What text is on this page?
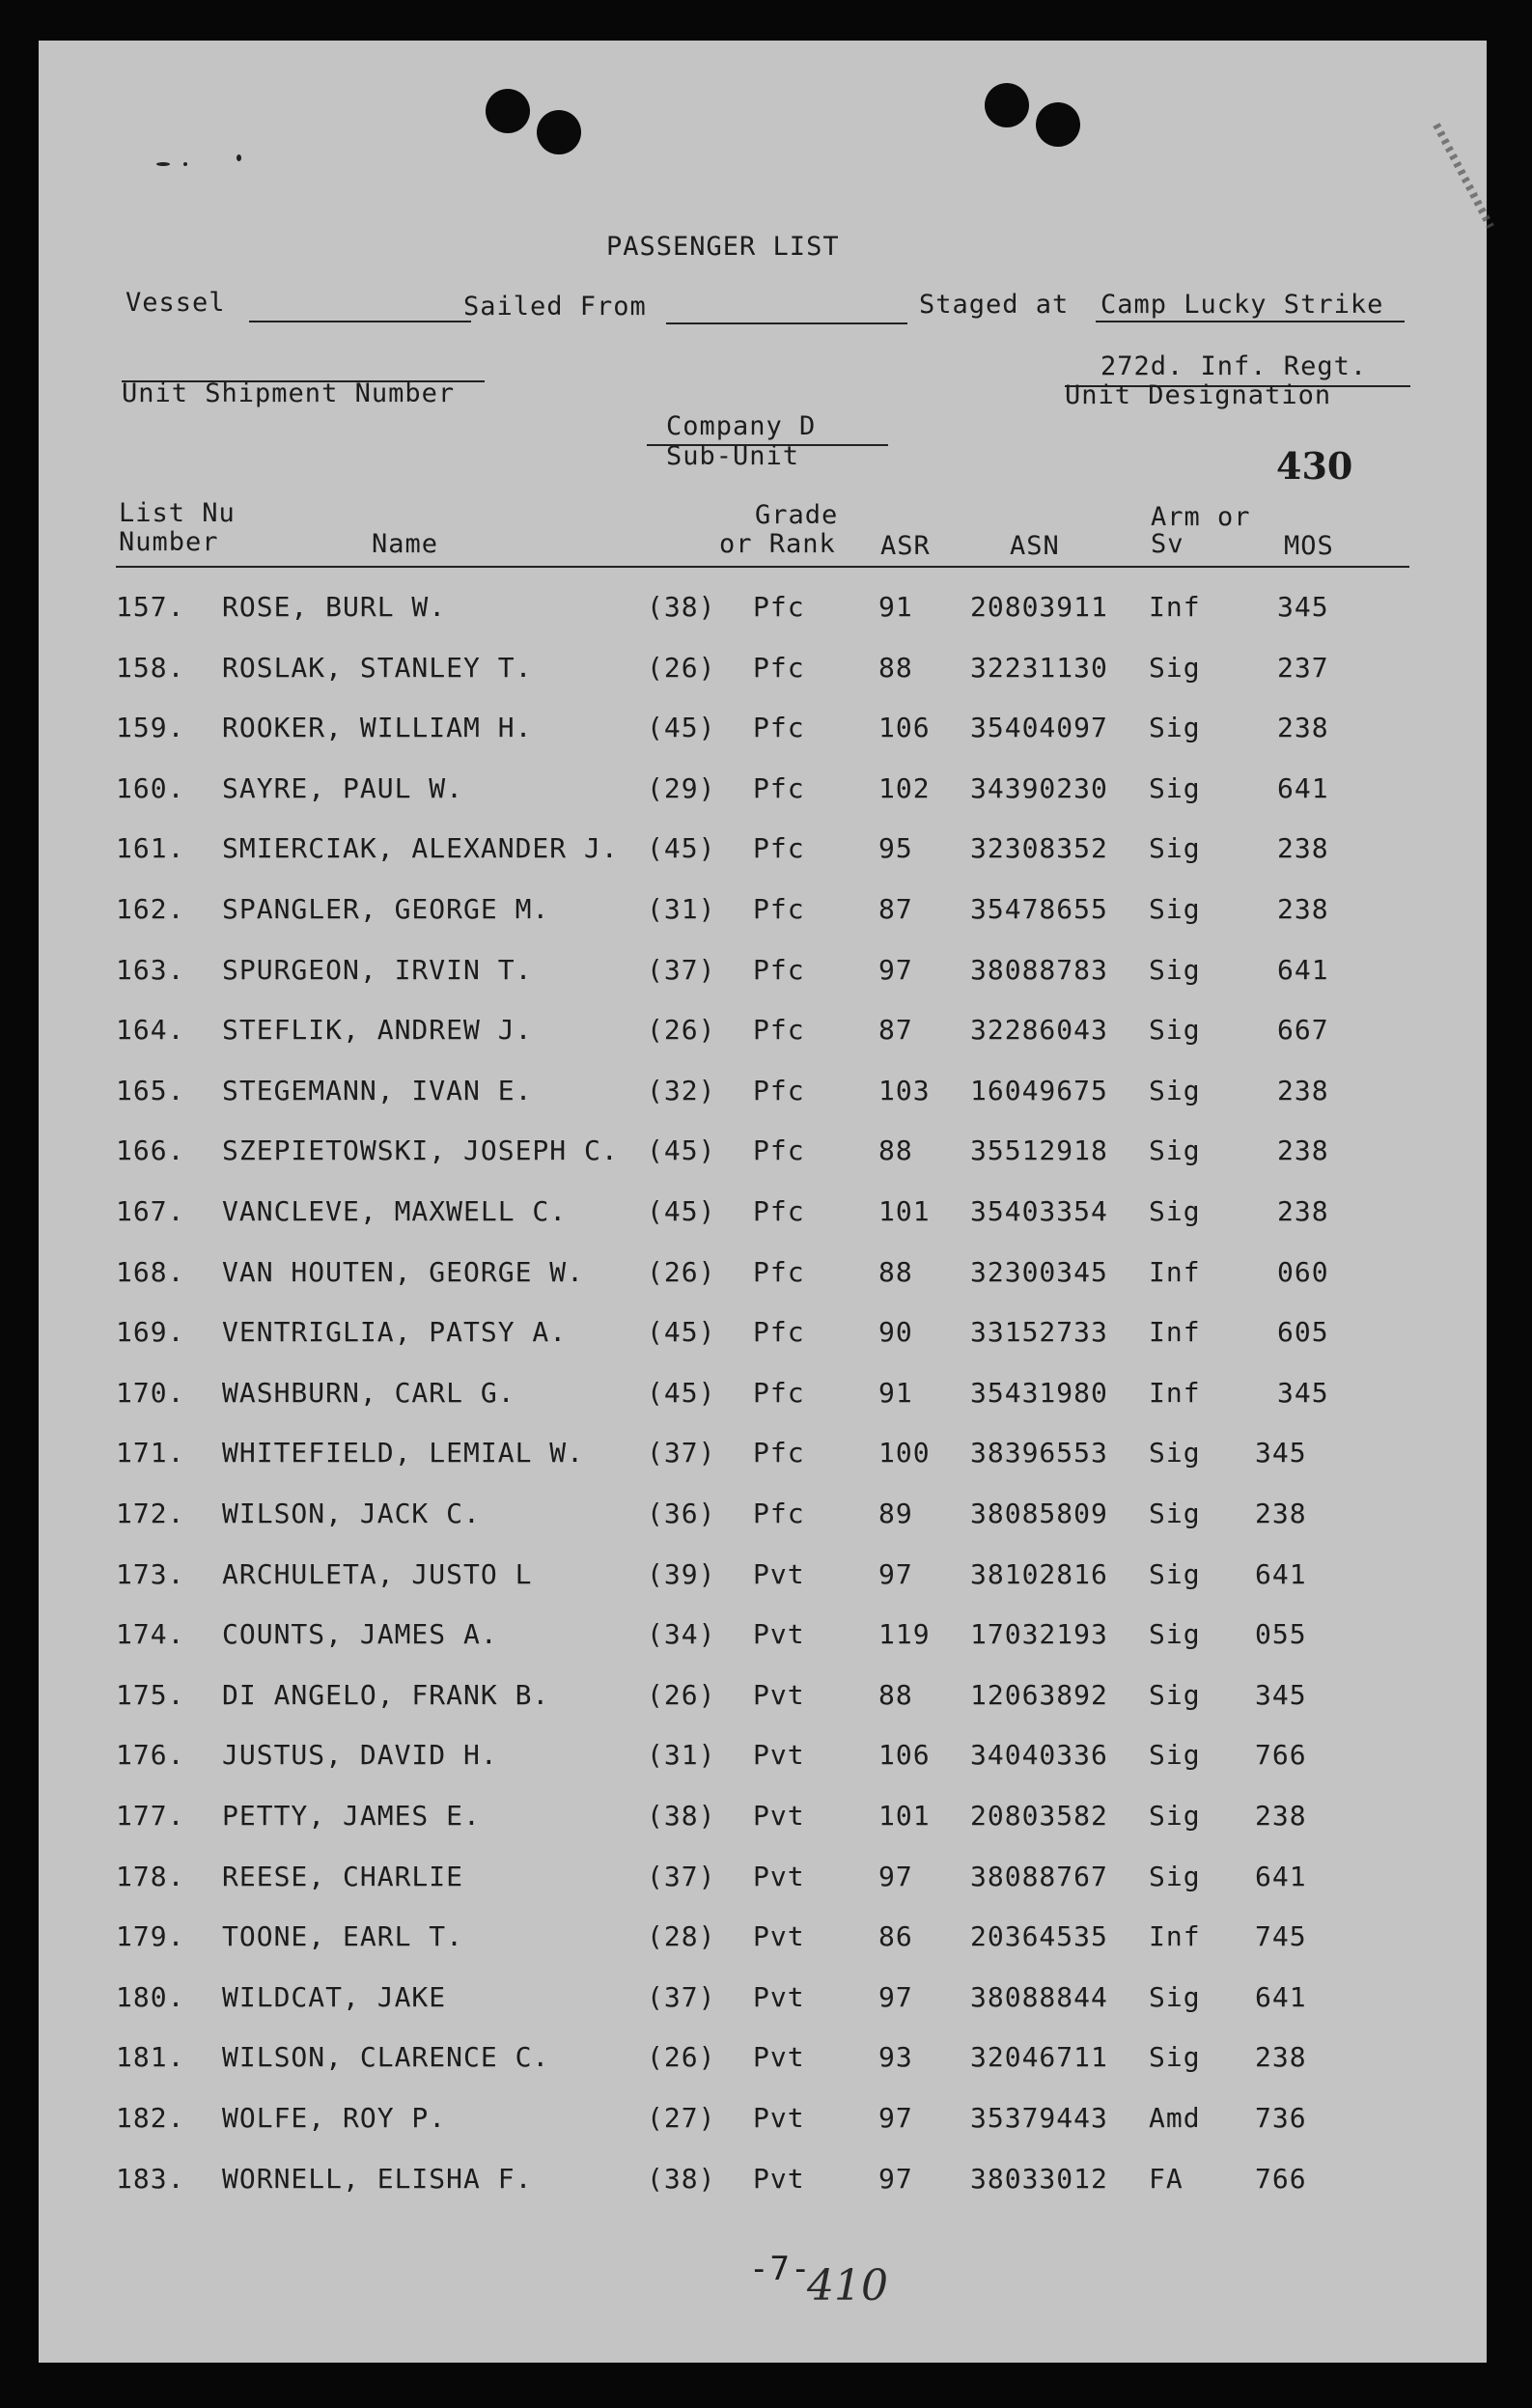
PASSENGER LIST
Vessel	Sailed From	Staged at Camp Lucky Strike
Unit Shipment Number
272d. Inf. Regt.
Unit Designation
Company D
Sub-Unit	430
List Nu
Number	Name
Grade
or Rank ASR	ASN
Arm or
Sv	MOS
157. ROSE, BURL W.	(38) Pfc	91 20803911 Inf	345
158. ROSLAK, STANLEY T.	(26) Pfc	88 32231130 Sig	237
159. ROOKER, WILLIAM H.	(45) Pfc	106 35404097 Sig	238
160. SAYRE, PAUL W.	(29) Pfc	102 34390230 Sig	641
161. SMIERCIAK, ALEXANDER J. (45) Pfc	95 32308352 Sig	238
162. SPANGLER, GEORGE M.	(31) Pfc	87 35478655 Sig	238
163. SPURGEON, IRVIN T.	(37) Pfc	97 38088783 Sig	641
164. STEFLIK, ANDREW J.	(26) Pfc	87 32286043 Sig	667
165. STEGEMANN, IVAN E.	(32) Pfc	103 16049675 Sig	238
166. SZEPIETOWSKI, JOSEPH C. (45) Pfc	88 35512918 Sig	238
167. VANCLEVE, MAXWELL C.	(45) Pfc	101 35403354 Sig	238
168. VAN HOUTEN, GEORGE W. (26) Pfc	88 32300345 Inf	060
169. VENTRIGLIA, PATSY A.	(45) Pfc	90 33152733 Inf	605
170. WASHBURN, CARL G.	(45) Pfc	91 35431980 Inf	345
171. WHITEFIELD, LEMIAL W. (37) Pfc	100 38396553 Sig 345
172. WILSON, JACK C.	(36) Pfc	89 38085809 Sig 238
173. ARCHULETA, JUSTO L	(39) Pvt	97 38102816 Sig 641
174. COUNTS, JAMES A.	(34) Pvt	119 17032193 Sig 055
175. DI ANGELO, FRANK B.	(26) Pvt	88 12063892 Sig 345
176. JUSTUS, DAVID H.	(31) Pvt	106 34040336 Sig 766
177. PETTY, JAMES E.	(38) Pvt	101 20803582 Sig 238
178. REESE, CHARLIE	(37) Pvt	97 38088767 Sig 641
179. TOONE, EARL T.	(28) Pvt	86 20364535 Inf 745
180. WILDCAT, JAKE	(37) Pvt	97 38088844 Sig 641
181. WILSON, CLARENCE C.	(26) Pvt	93 32046711 Sig 238
182. WOLFE, ROY P.	(27) Pvt	97 35379443 Amd 736
183. WORNELL, ELISHA F.	(38) Pvt	97 38033012 FA	766
-7-
410
